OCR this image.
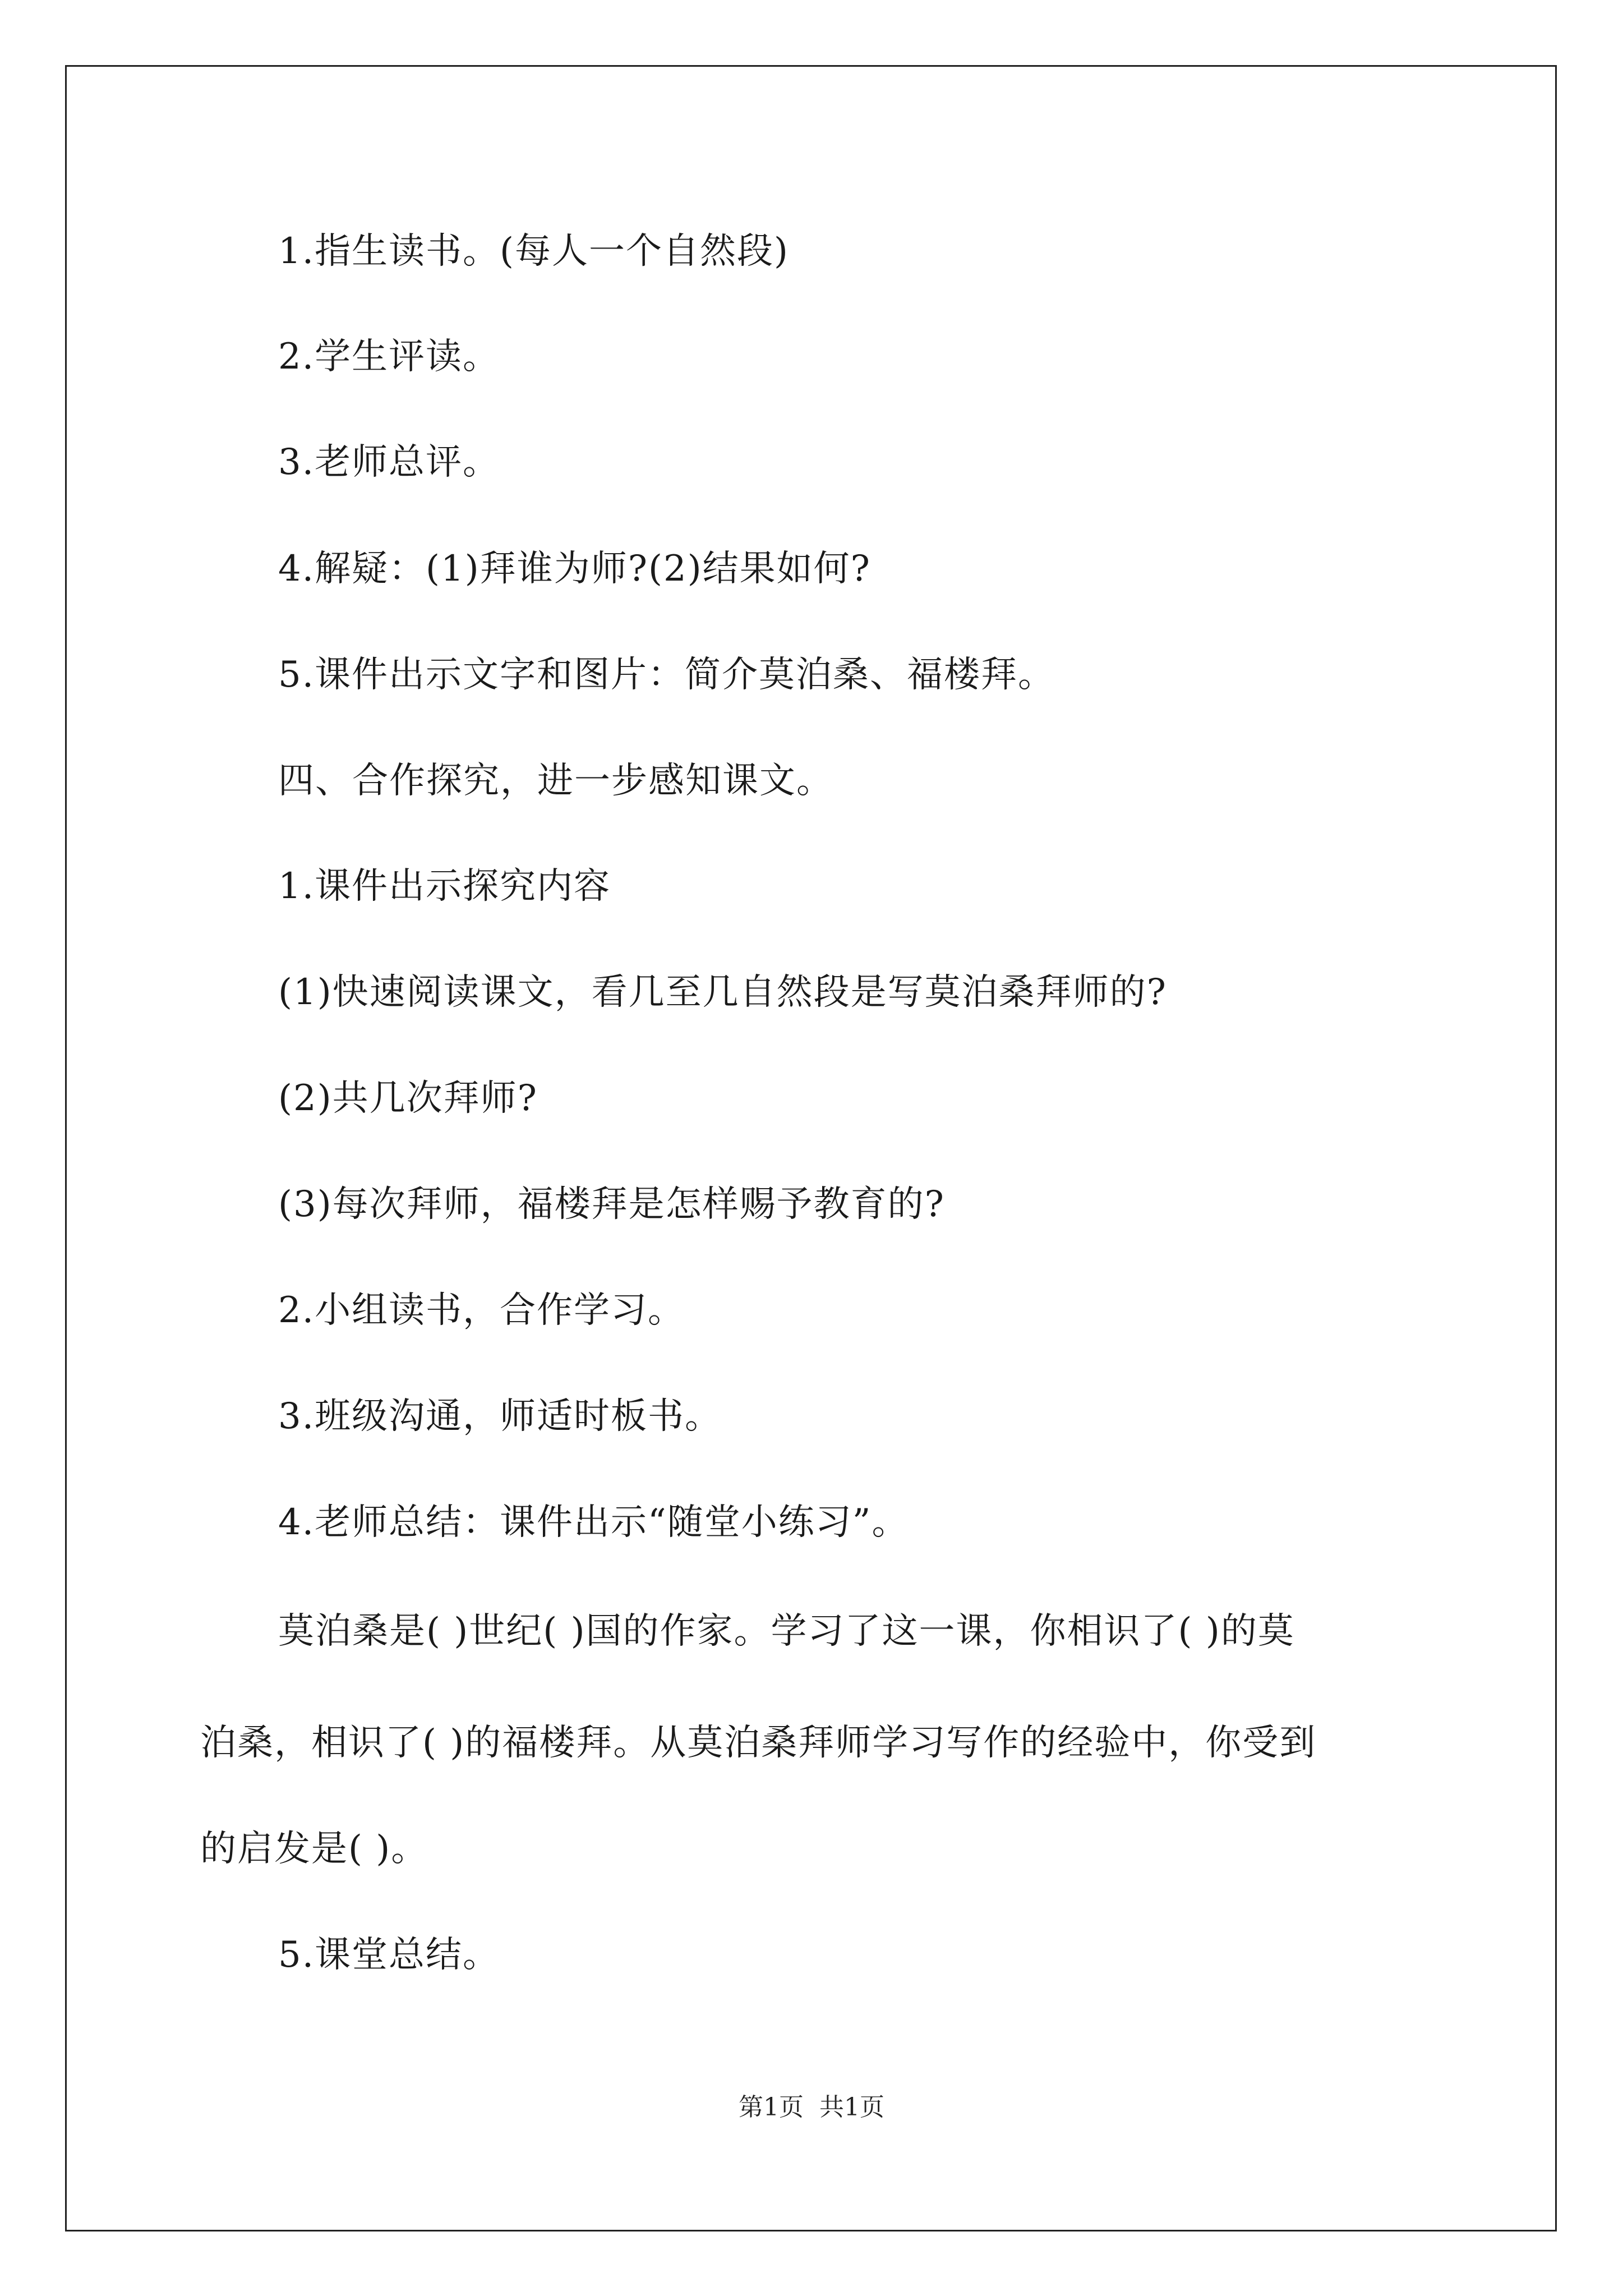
1.指生读书。(每人一个自然段)
2.学生评读。
3.老师总评。
4.解疑：(1)拜谁为师?(2)结果如何?
5.课件出示文字和图片：简介莫泊桑、福楼拜。
四、合作探究，进一步感知课文。
1.课件出示探究内容
(1)快速阅读课文，看几至几自然段是写莫泊桑拜师的?
(2)共几次拜师?
(3)每次拜师，福楼拜是怎样赐予教育的?
2.小组读书，合作学习。
3.班级沟通，师适时板书。
4.老师总结：课件出示“随堂小练习”。
莫泊桑是( )世纪( )国的作家。学习了这一课，你相识了( )的莫
泊桑，相识了( )的福楼拜。从莫泊桑拜师学习写作的经验中，你受到
的启发是( )。
5.课堂总结。
第1页 共1页
